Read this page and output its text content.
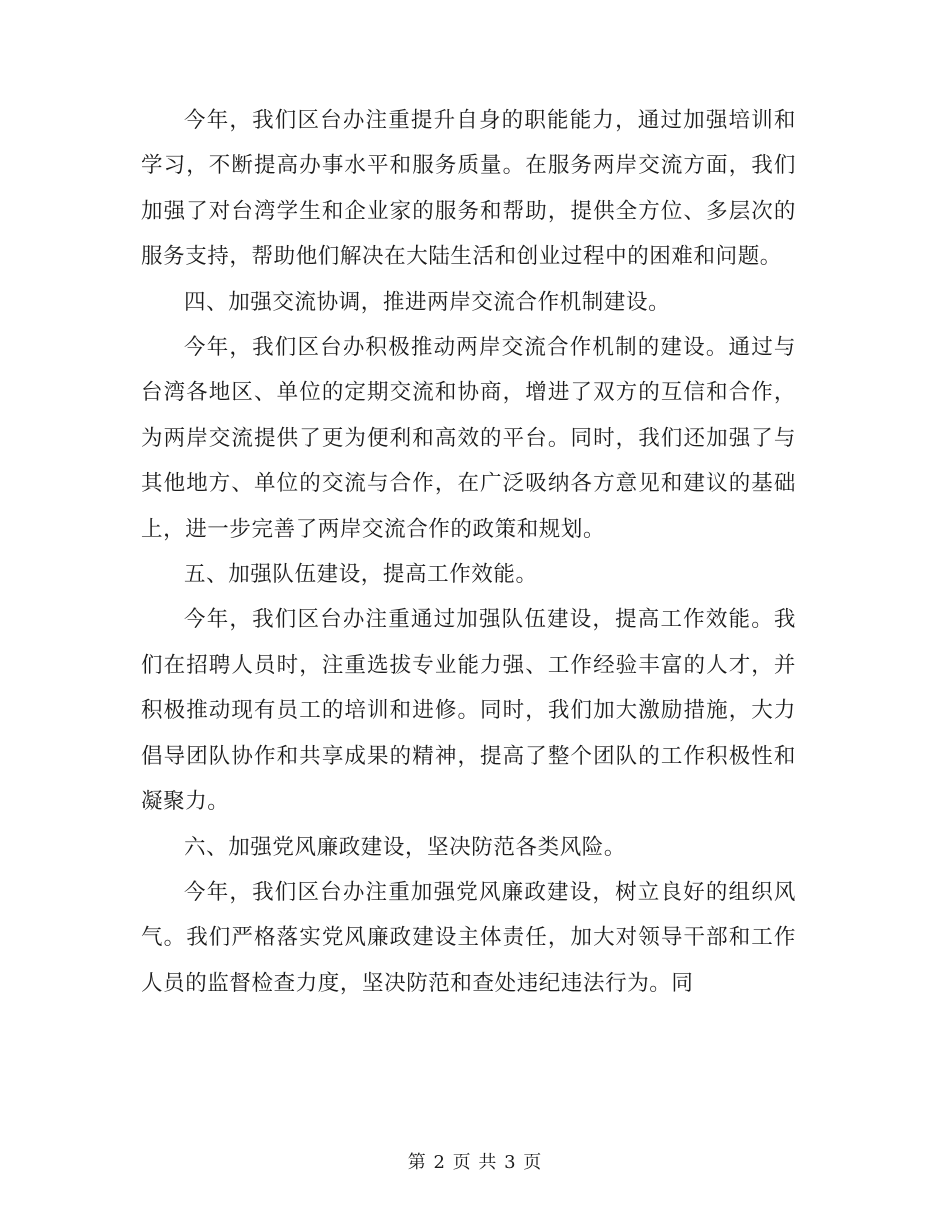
今年，我们区台办注重提升自身的职能能力，通过加强培训和学习，不断提高办事水平和服务质量。在服务两岸交流方面，我们加强了对台湾学生和企业家的服务和帮助，提供全方位、多层次的服务支持，帮助他们解决在大陆生活和创业过程中的困难和问题。

四、加强交流协调，推进两岸交流合作机制建设。

今年，我们区台办积极推动两岸交流合作机制的建设。通过与台湾各地区、单位的定期交流和协商，增进了双方的互信和合作，为两岸交流提供了更为便利和高效的平台。同时，我们还加强了与其他地方、单位的交流与合作，在广泛吸纳各方意见和建议的基础上，进一步完善了两岸交流合作的政策和规划。

五、加强队伍建设，提高工作效能。

今年，我们区台办注重通过加强队伍建设，提高工作效能。我们在招聘人员时，注重选拔专业能力强、工作经验丰富的人才，并积极推动现有员工的培训和进修。同时，我们加大激励措施，大力倡导团队协作和共享成果的精神，提高了整个团队的工作积极性和凝聚力。

六、加强党风廉政建设，坚决防范各类风险。

今年，我们区台办注重加强党风廉政建设，树立良好的组织风气。我们严格落实党风廉政建设主体责任，加大对领导干部和工作人员的监督检查力度，坚决防范和查处违纪违法行为。同

第 2 页 共 3 页
